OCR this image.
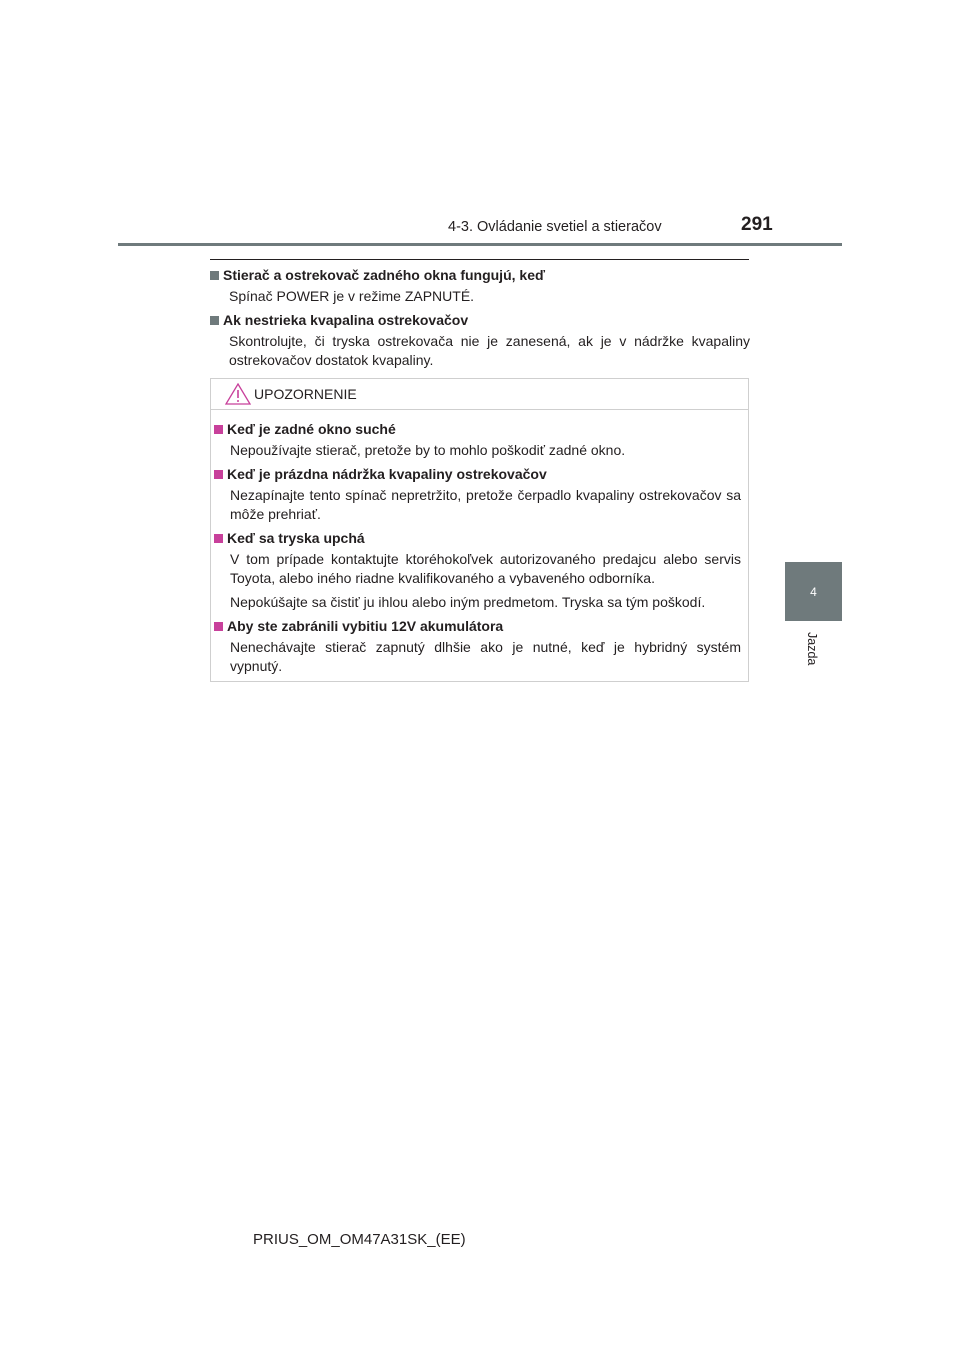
4-3. Ovládanie svetiel a stieračov	291
4
Jazda

Stierač a ostrekovač zadného okna fungujú, keď

Spínač POWER je v režime ZAPNUTÉ.

Ak nestrieka kvapalina ostrekovačov

Skontrolujte, či tryska ostrekovača nie je zanesená, ak je v nádržke kvapaliny ostrekovačov dostatok kvapaliny.

UPOZORNENIE

Keď je zadné okno suché

Nepoužívajte stierač, pretože by to mohlo poškodiť zadné okno.

Keď je prázdna nádržka kvapaliny ostrekovačov

Nezapínajte tento spínač nepretržito, pretože čerpadlo kvapaliny ostrekovačov sa môže prehriať.

Keď sa tryska upchá

V tom prípade kontaktujte ktoréhokoľvek autorizovaného predajcu alebo servis Toyota, alebo iného riadne kvalifikovaného a vybaveného odborníka.

Nepokúšajte sa čistiť ju ihlou alebo iným predmetom. Tryska sa tým poškodí.

Aby ste zabránili vybitiu 12V akumulátora

Nenechávajte stierač zapnutý dlhšie ako je nutné, keď je hybridný systém vypnutý.

PRIUS_OM_OM47A31SK_(EE)
